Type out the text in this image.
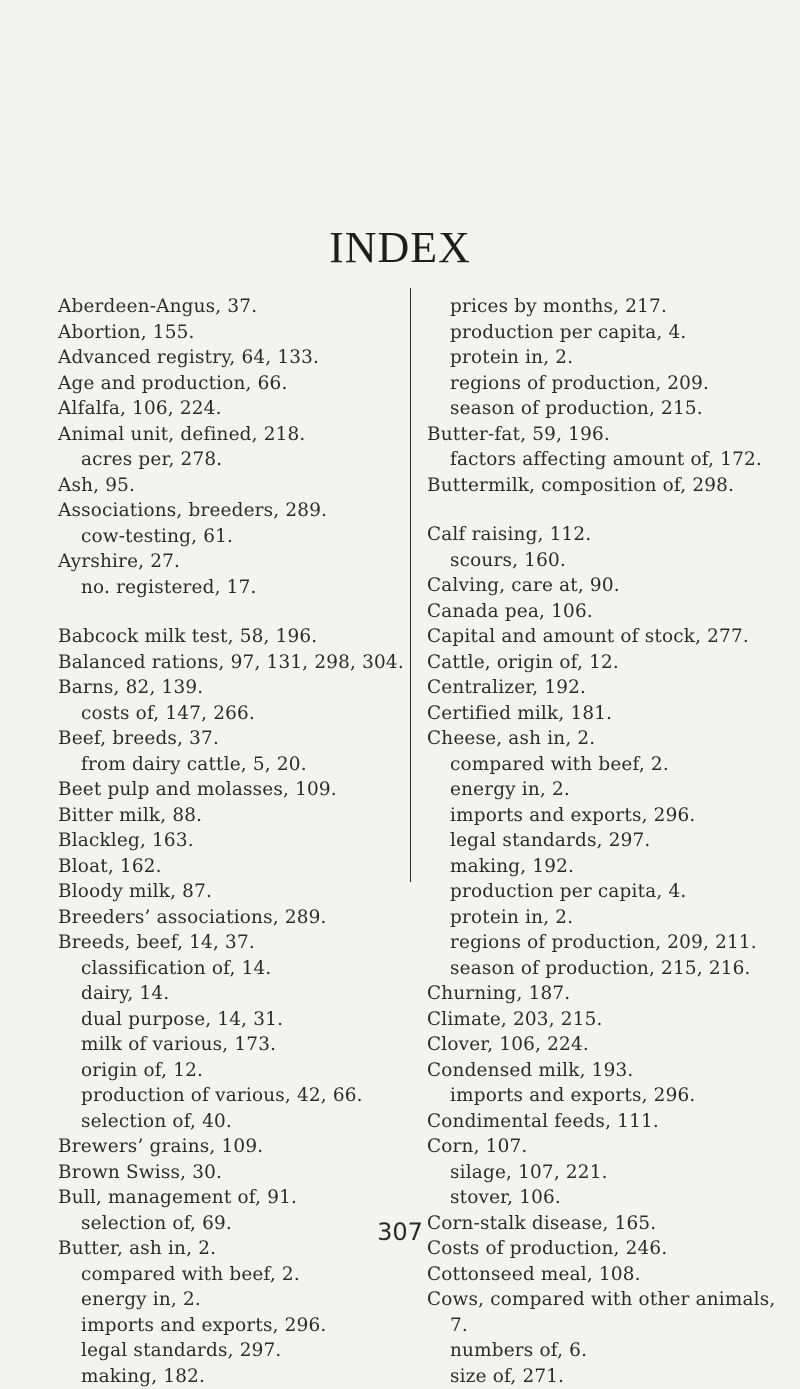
INDEX
Aberdeen-Angus, 37.
Abortion, 155.
Advanced registry, 64, 133.
Age and production, 66.
Alfalfa, 106, 224.
Animal unit, defined, 218.
acres per, 278.
Ash, 95.
Associations, breeders, 289.
cow-testing, 61.
Ayrshire, 27.
no. registered, 17.
Babcock milk test, 58, 196.
Balanced rations, 97, 131, 298, 304.
Barns, 82, 139.
costs of, 147, 266.
Beef, breeds, 37.
from dairy cattle, 5, 20.
Beet pulp and molasses, 109.
Bitter milk, 88.
Blackleg, 163.
Bloat, 162.
Bloody milk, 87.
Breeders’ associations, 289.
Breeds, beef, 14, 37.
classification of, 14.
dairy, 14.
dual purpose, 14, 31.
milk of various, 173.
origin of, 12.
production of various, 42, 66.
selection of, 40.
Brewers’ grains, 109.
Brown Swiss, 30.
Bull, management of, 91.
selection of, 69.
Butter, ash in, 2.
compared with beef, 2.
energy in, 2.
imports and exports, 296.
legal standards, 297.
making, 182.
prices by months, 217.
production per capita, 4.
protein in, 2.
regions of production, 209.
season of production, 215.
Butter-fat, 59, 196.
factors affecting amount of, 172.
Buttermilk, composition of, 298.
Calf raising, 112.
scours, 160.
Calving, care at, 90.
Canada pea, 106.
Capital and amount of stock, 277.
Cattle, origin of, 12.
Centralizer, 192.
Certified milk, 181.
Cheese, ash in, 2.
compared with beef, 2.
energy in, 2.
imports and exports, 296.
legal standards, 297.
making, 192.
production per capita, 4.
protein in, 2.
regions of production, 209, 211.
season of production, 215, 216.
Churning, 187.
Climate, 203, 215.
Clover, 106, 224.
Condensed milk, 193.
imports and exports, 296.
Condimental feeds, 111.
Corn, 107.
silage, 107, 221.
stover, 106.
Corn-stalk disease, 165.
Costs of production, 246.
Cottonseed meal, 108.
Cows, compared with other animals,
7.
numbers of, 6.
size of, 271.
307
